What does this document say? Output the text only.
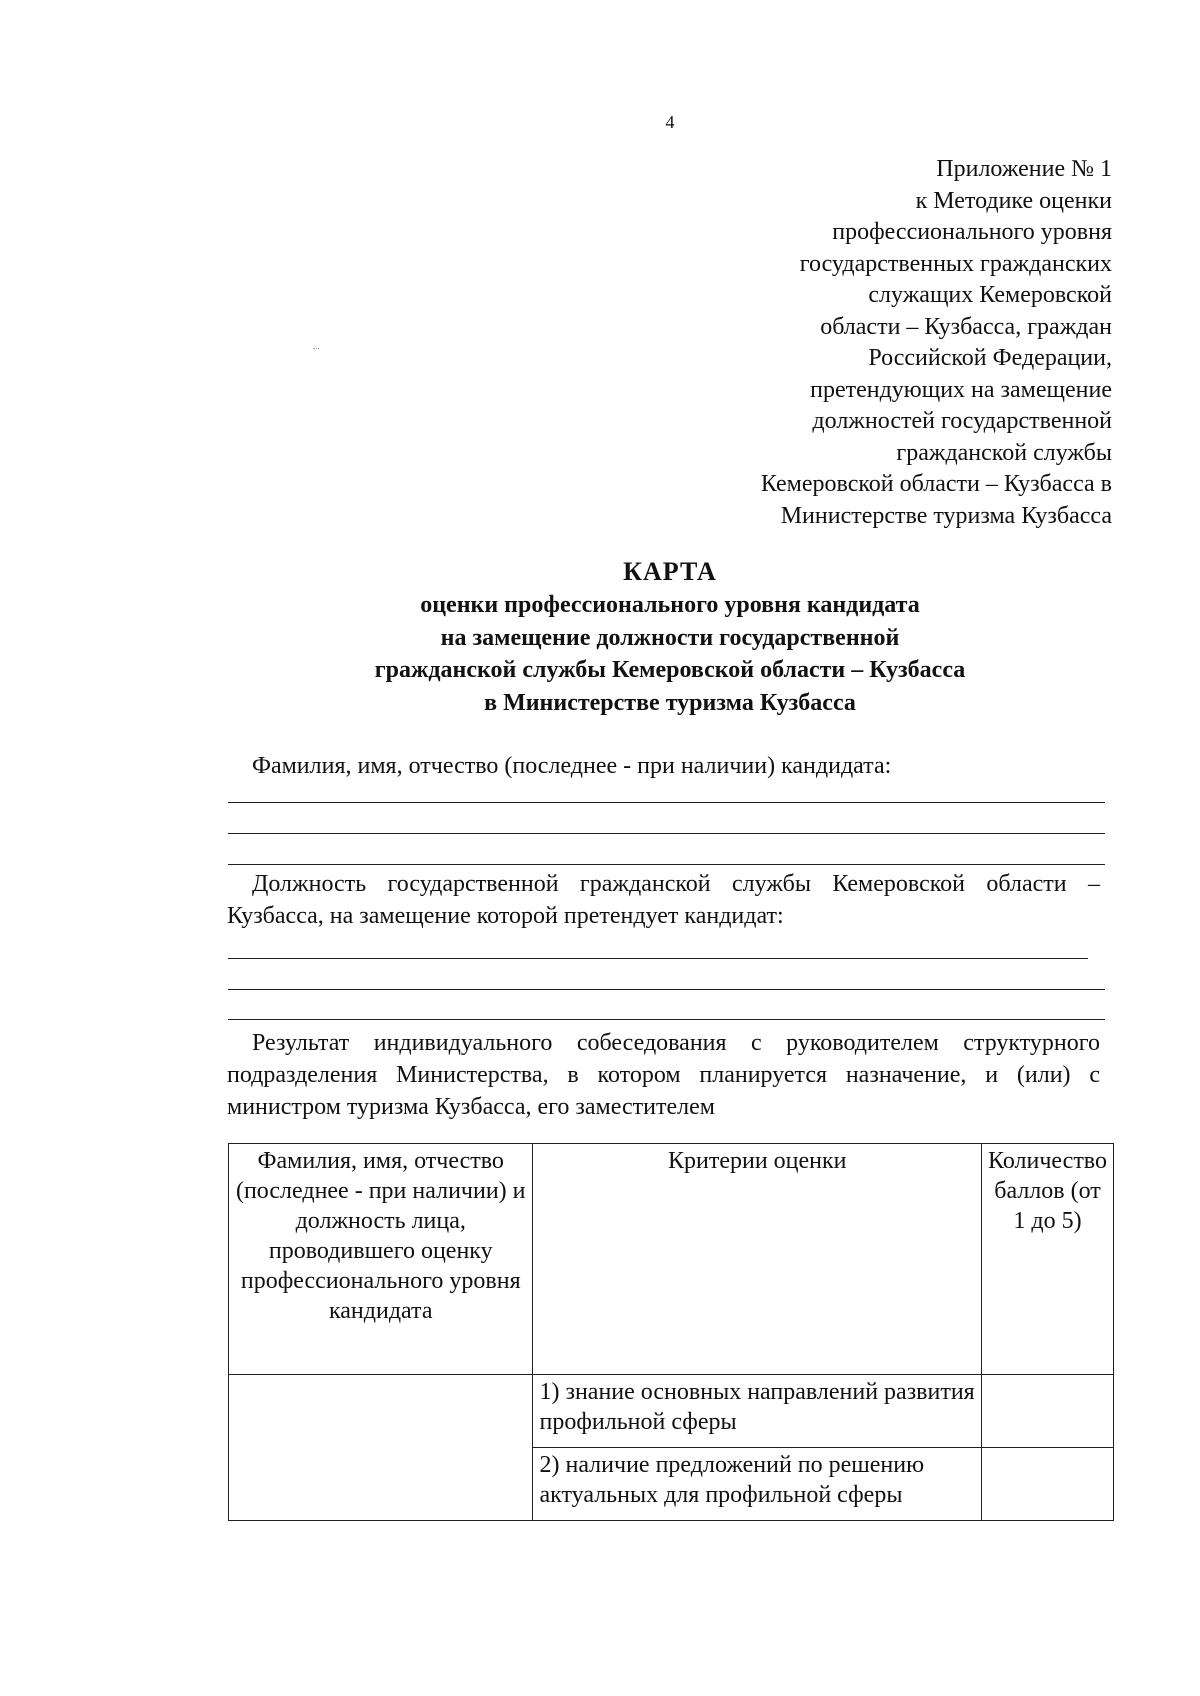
4
Приложение № 1
к Методике оценки
профессионального уровня
государственных гражданских
служащих Кемеровской
области – Кузбасса, граждан
Российской Федерации,
претендующих на замещение
должностей государственной
гражданской службы
Кемеровской области – Кузбасса в
Министерстве туризма Кузбасса
КАРТА
оценки профессионального уровня кандидата
на замещение должности государственной
гражданской службы Кемеровской области – Кузбасса
в Министерстве туризма Кузбасса
Фамилия, имя, отчество (последнее - при наличии) кандидата:
Должность государственной гражданской службы Кемеровской области – Кузбасса, на замещение которой претендует кандидат:
Результат индивидуального собеседования с руководителем структурного подразделения Министерства, в котором планируется назначение, и (или) с министром туризма Кузбасса, его заместителем
Фамилия, имя, отчество (последнее - при наличии) и должность лица, проводившего оценку профессионального уровня кандидата	Критерии оценки	Количество баллов (от 1 до 5)
	1) знание основных направлений развития профильной сферы	
	2) наличие предложений по решению актуальных для профильной сферы	
